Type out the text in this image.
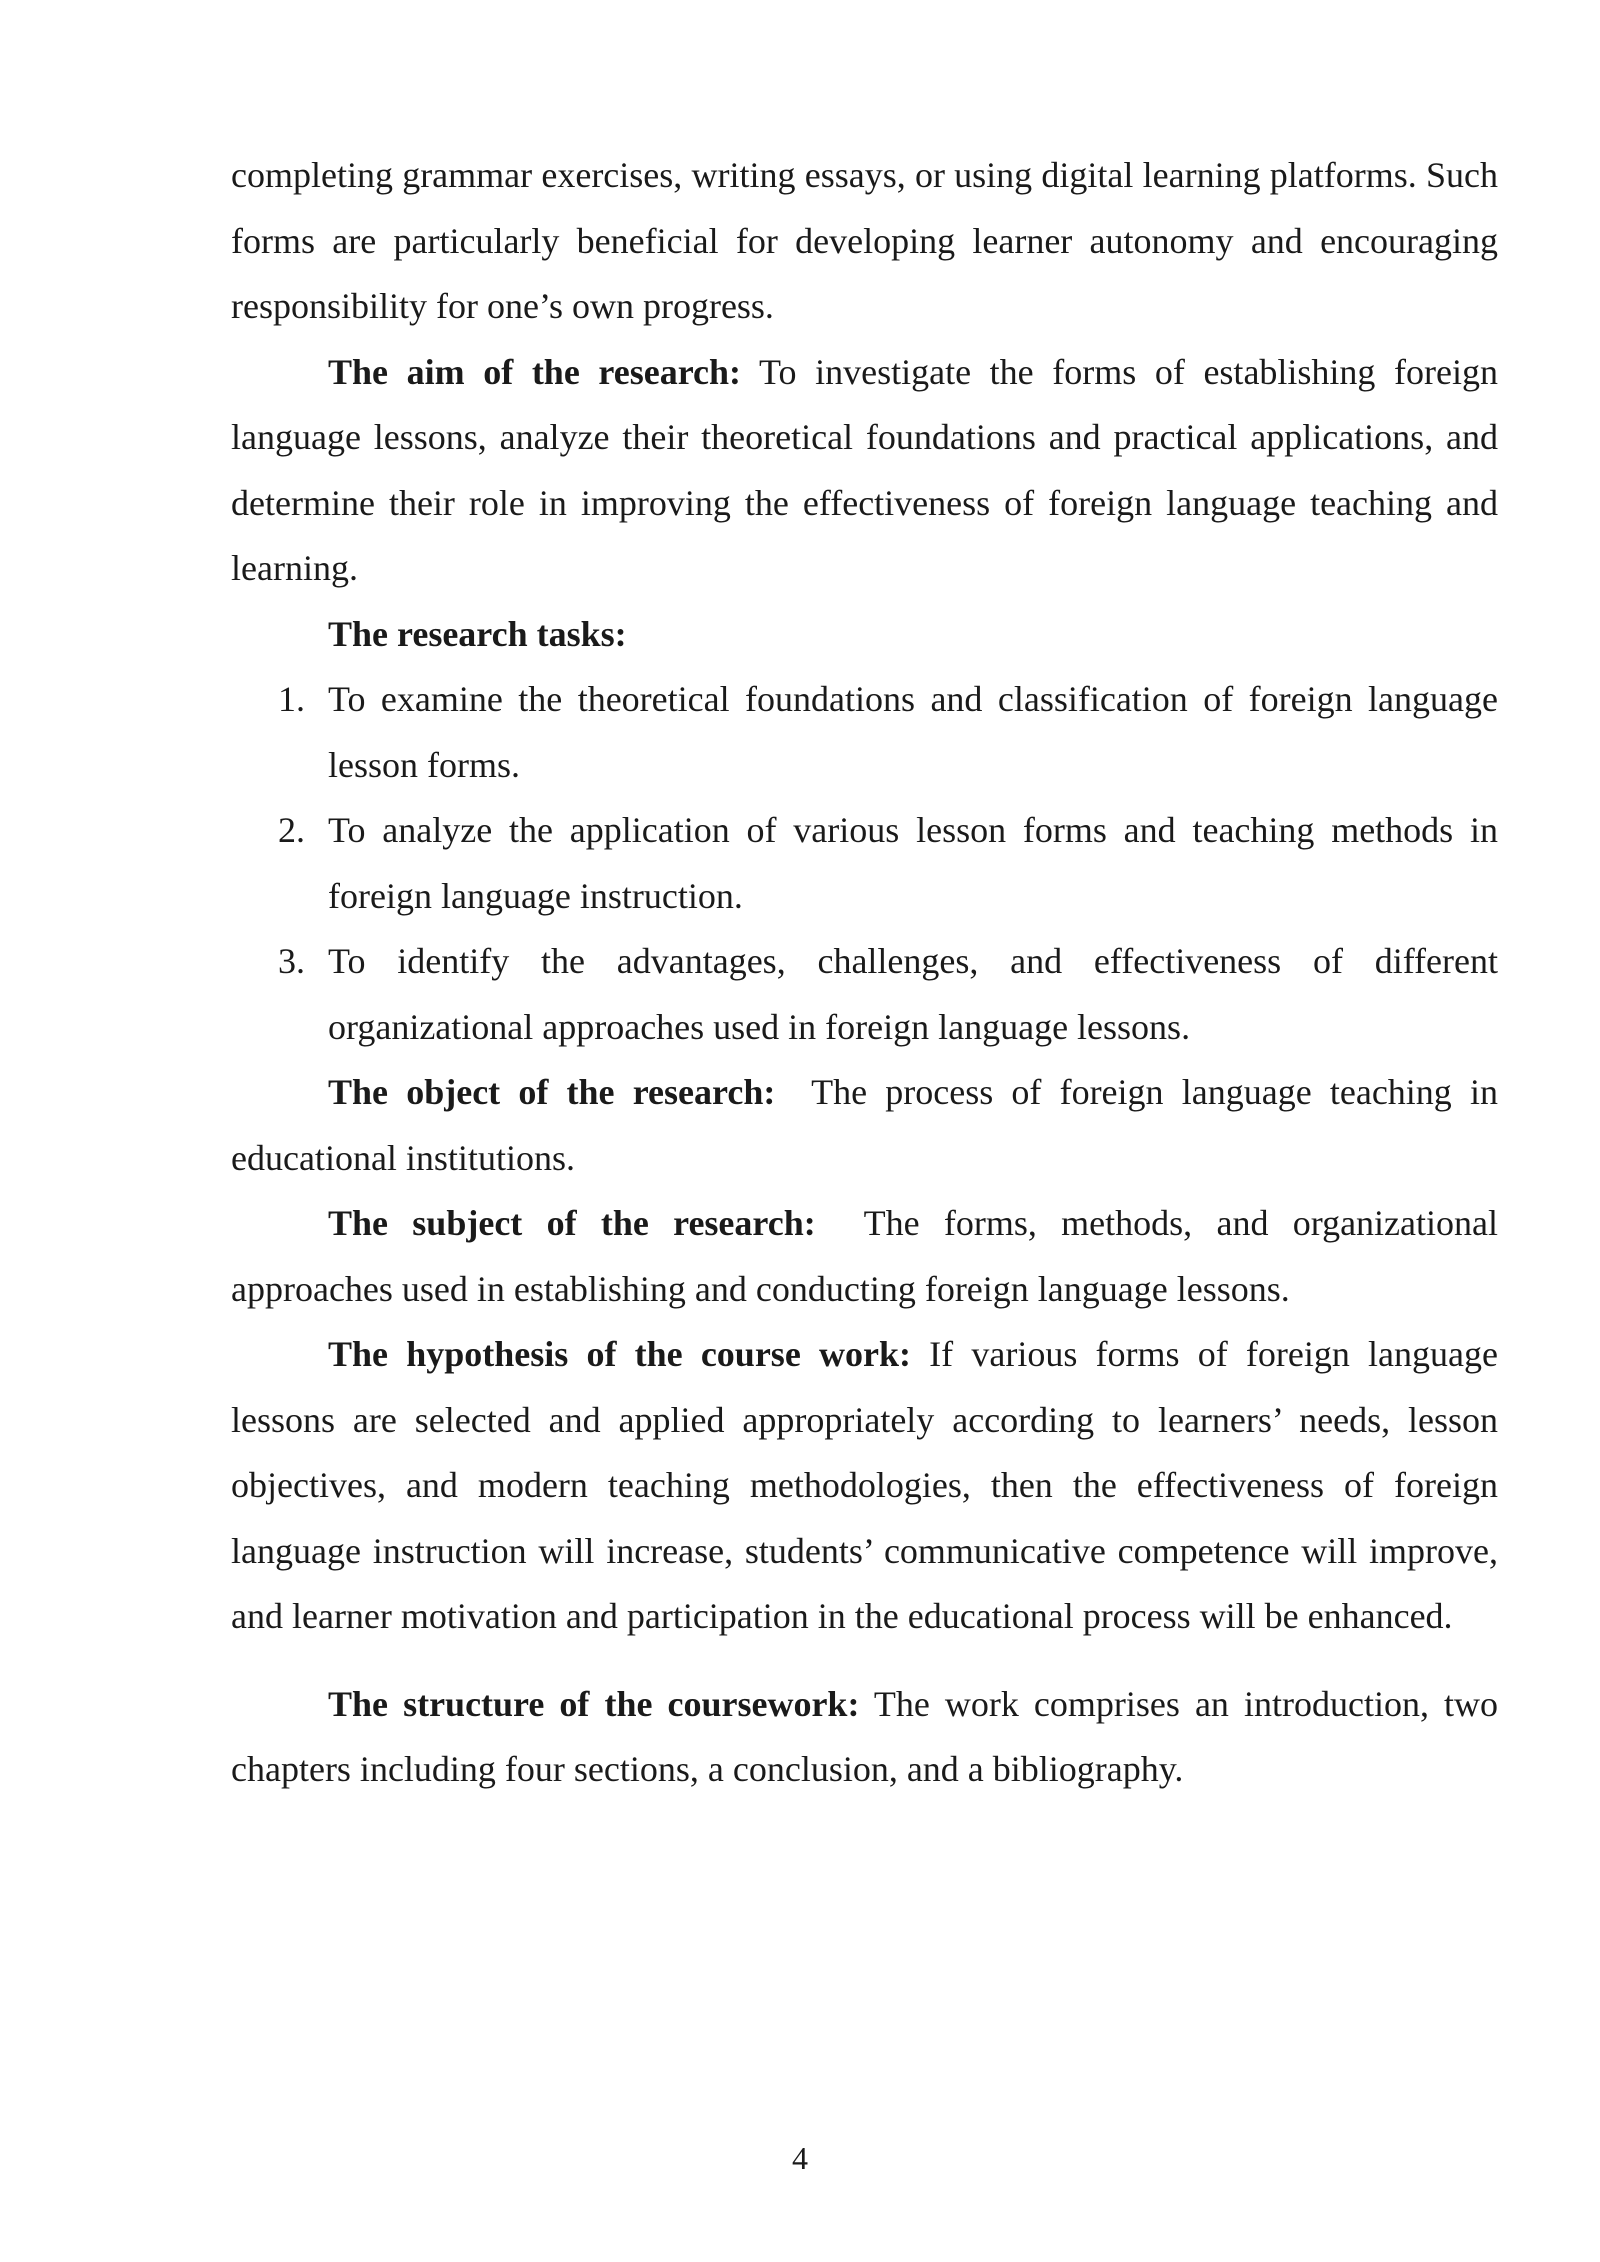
completing grammar exercises, writing essays, or using digital learning platforms. Such forms are particularly beneficial for developing learner autonomy and encouraging responsibility for one’s own progress.

The aim of the research: To investigate the forms of establishing foreign language lessons, analyze their theoretical foundations and practical applications, and determine their role in improving the effectiveness of foreign language teaching and learning.

The research tasks:

1. To examine the theoretical foundations and classification of foreign language lesson forms.
2. To analyze the application of various lesson forms and teaching methods in foreign language instruction.
3. To identify the advantages, challenges, and effectiveness of different organizational approaches used in foreign language lessons.

The object of the research:  The process of foreign language teaching in educational institutions.

The subject of the research:  The forms, methods, and organizational approaches used in establishing and conducting foreign language lessons.

The hypothesis of the course work: If various forms of foreign language lessons are selected and applied appropriately according to learners’ needs, lesson objectives, and modern teaching methodologies, then the effectiveness of foreign language instruction will increase, students’ communicative competence will improve, and learner motivation and participation in the educational process will be enhanced.

The structure of the coursework: The work comprises an introduction, two chapters including four sections, a conclusion, and a bibliography.

4
